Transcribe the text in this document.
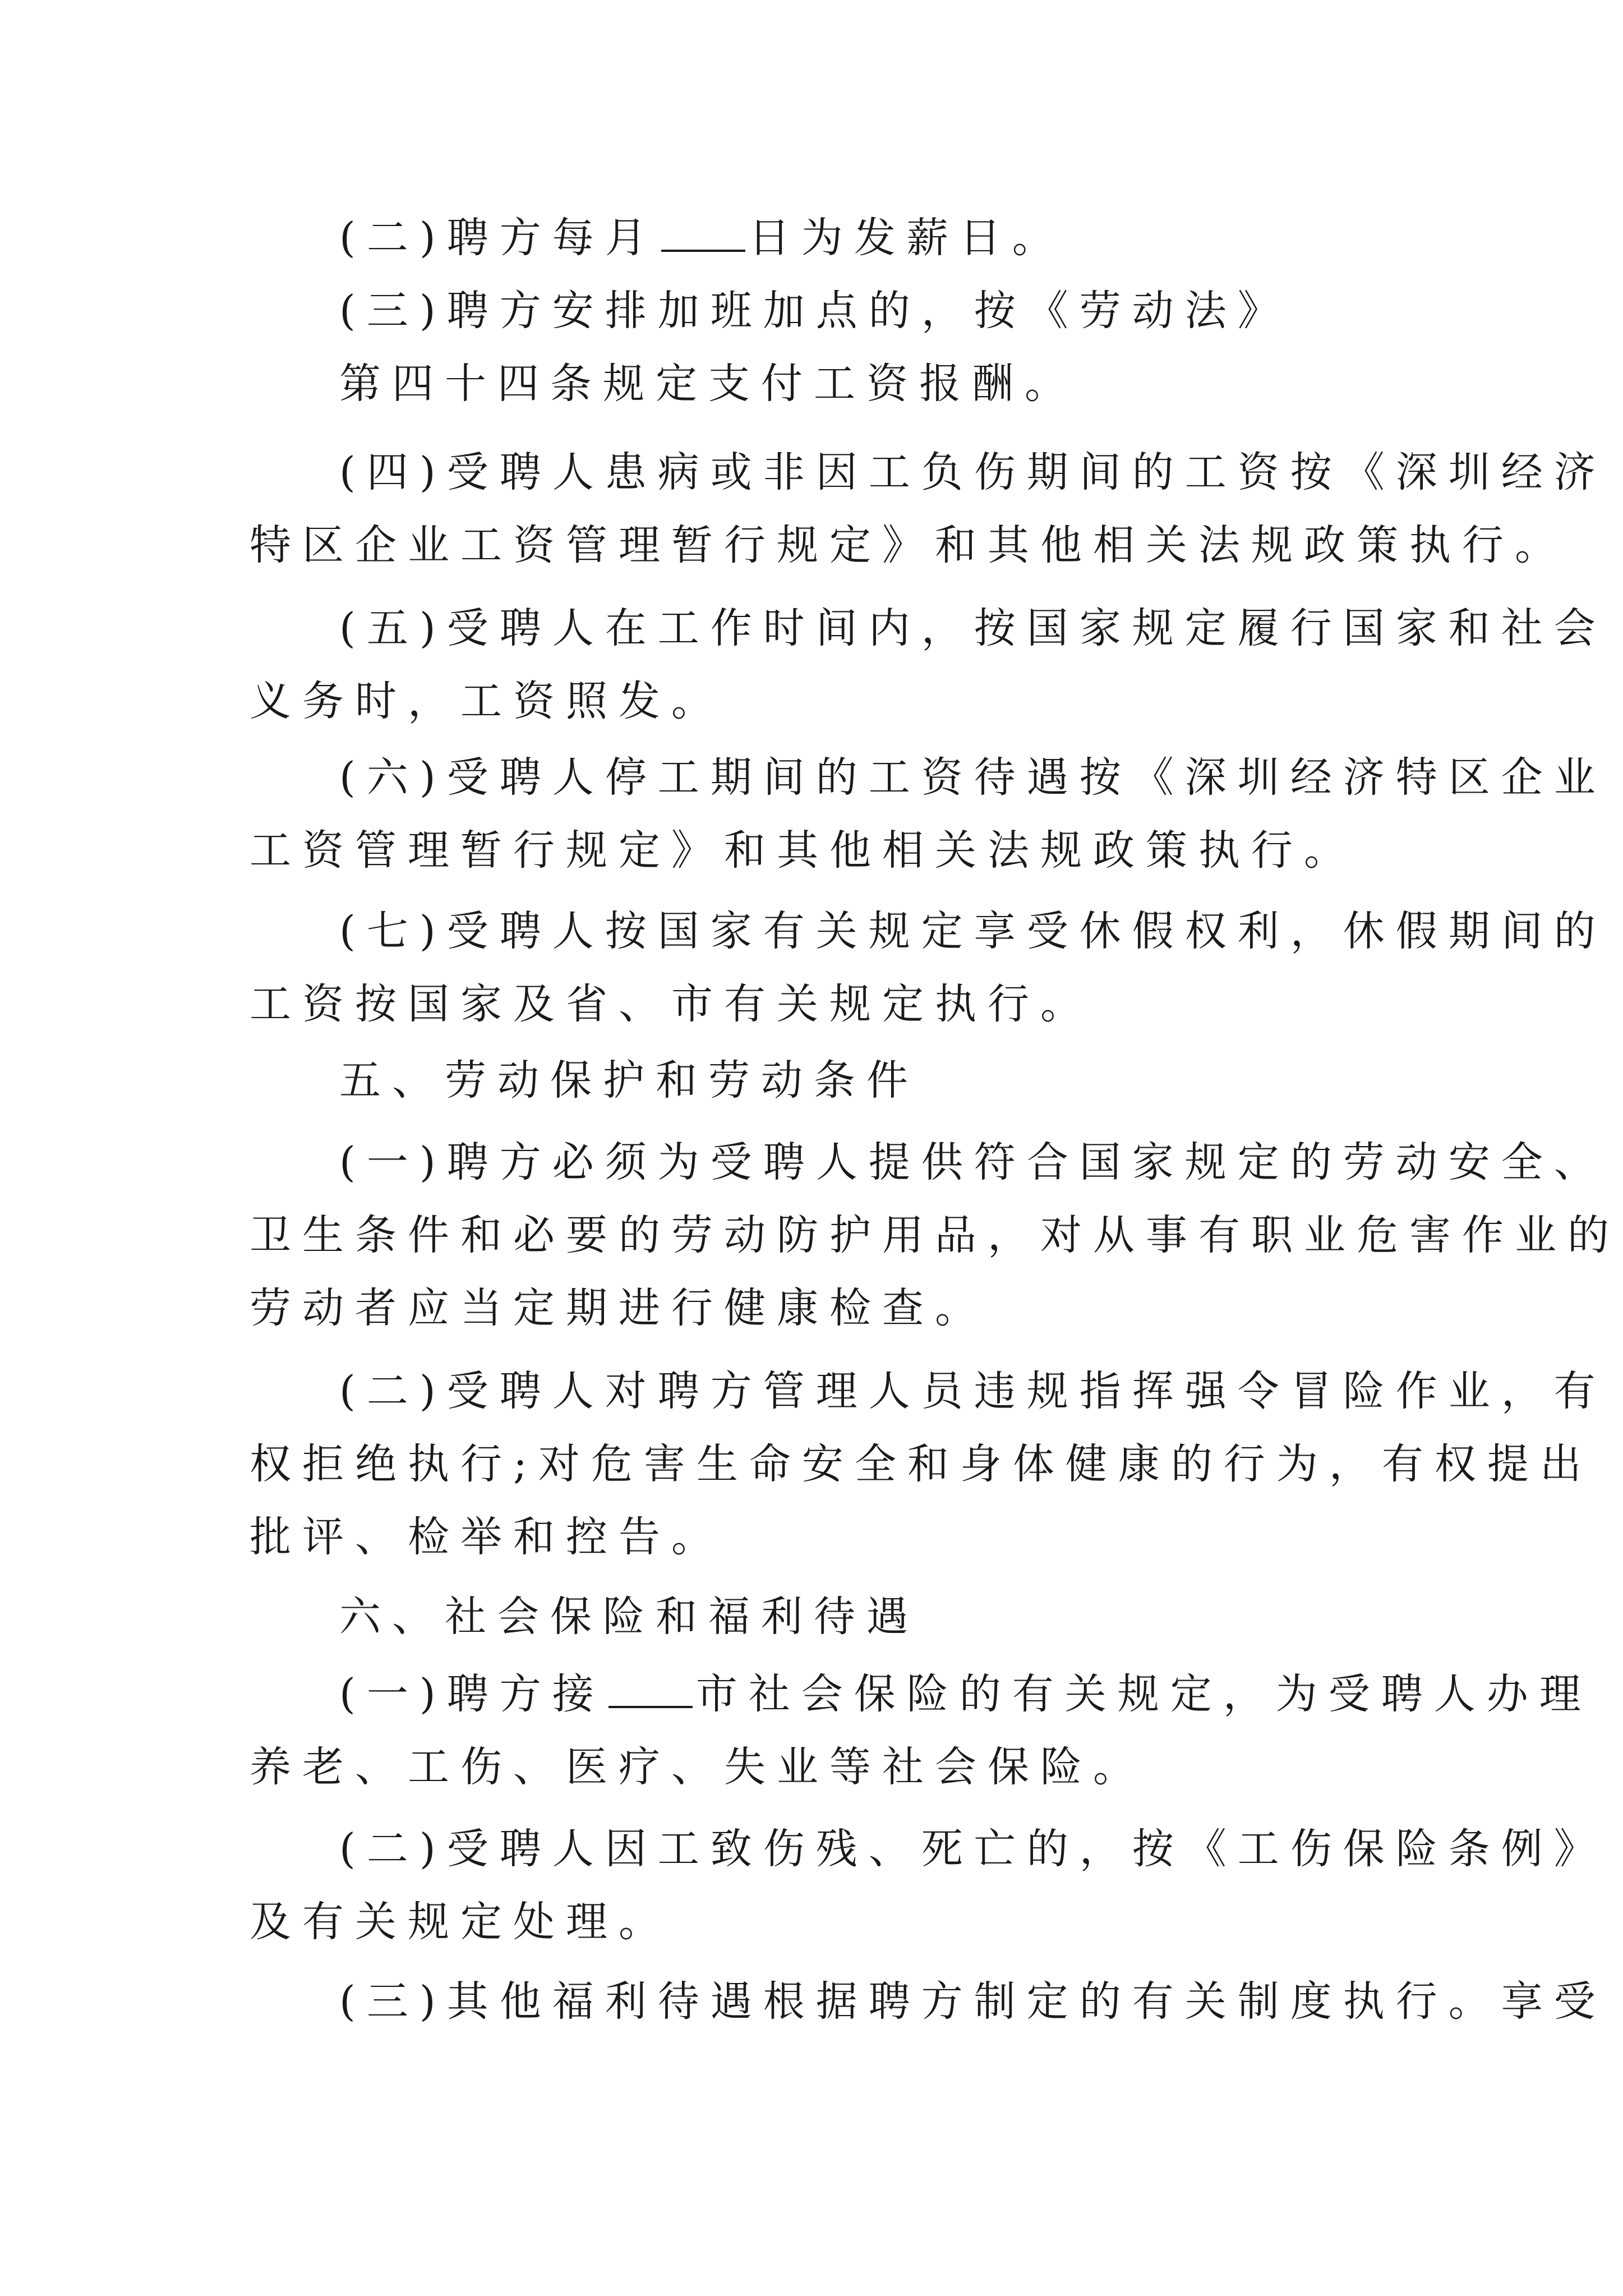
(二)聘方每月 日为发薪日。

(三)聘方安排加班加点的，按《劳动法》

第四十四条规定支付工资报酬。

(四)受聘人患病或非因工负伤期间的工资按《深圳经济

特区企业工资管理暂行规定》和其他相关法规政策执行。

(五)受聘人在工作时间内，按国家规定履行国家和社会

义务时，工资照发。

(六)受聘人停工期间的工资待遇按《深圳经济特区企业

工资管理暂行规定》和其他相关法规政策执行。

(七)受聘人按国家有关规定享受休假权利，休假期间的

工资按国家及省、市有关规定执行。

五、劳动保护和劳动条件

(一)聘方必须为受聘人提供符合国家规定的劳动安全、

卫生条件和必要的劳动防护用品，对从事有职业危害作业的

劳动者应当定期进行健康检查。

(二)受聘人对聘方管理人员违规指挥强令冒险作业，有

权拒绝执行;对危害生命安全和身体健康的行为，有权提出

批评、检举和控告。

六、社会保险和福利待遇

(一)聘方接 市社会保险的有关规定，为受聘人办理

养老、工伤、医疗、失业等社会保险。

(二)受聘人因工致伤残、死亡的，按《工伤保险条例》

及有关规定处理。

(三)其他福利待遇根据聘方制定的有关制度执行。享受
